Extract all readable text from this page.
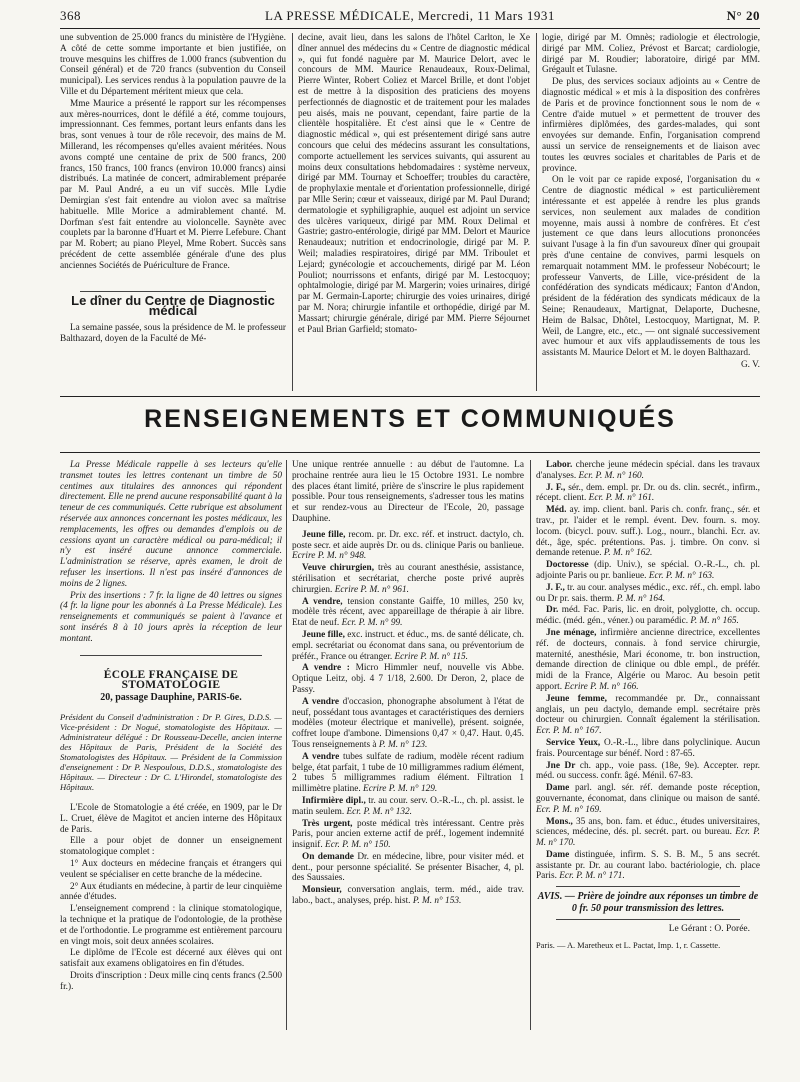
368	LA PRESSE MÉDICALE, Mercredi, 11 Mars 1931	N° 20

une subvention de 25.000 francs du ministère de l'Hygiène. A côté de cette somme importante et bien justifiée, on trouve mesquins les chiffres de 1.000 francs (subvention du Conseil général) et de 720 francs (subvention du Conseil municipal). Les services rendus à la population pauvre de la Ville et du Département méritent mieux que cela.

Mme Maurice a présenté le rapport sur les récompenses aux mères-nourrices, dont le défilé a été, comme toujours, impressionnant. Ces femmes, portant leurs enfants dans les bras, sont venues à tour de rôle recevoir, des mains de M. Millerand, les récompenses qu'elles avaient méritées. Nous avons compté une centaine de prix de 500 francs, 200 francs, 150 francs, 100 francs (environ 10.000 francs) ainsi distribués. La matinée de concert, admirablement préparée par M. Paul André, a eu un vif succès. Mlle Lydie Demirgian s'est fait entendre au violon avec sa maîtrise habituelle. Mlle Morice a admirablement chanté. M. Dorfman s'est fait entendre au violoncelle. Saynète avec couplets par la baronne d'Huart et M. Pierre Lefebure. Chant par M. Robert; au piano Pleyel, Mme Robert. Succès sans précédent de cette assemblée générale d'une des plus anciennes Sociétés de Puériculture de France.

Le dîner du Centre de Diagnostic médical

La semaine passée, sous la présidence de M. le professeur Balthazard, doyen de la Faculté de Mé-

decine, avait lieu, dans les salons de l'hôtel Carlton, le Xe dîner annuel des médecins du « Centre de diagnostic médical », qui fut fondé naguère par M. Maurice Delort, avec le concours de MM. Maurice Renaudeaux, Roux-Delimal, Pierre Winter, Robert Coliez et Marcel Brille, et dont l'objet est de mettre à la disposition des praticiens des moyens perfectionnés de diagnostic et de traitement pour les malades peu aisés, mais ne pouvant, cependant, faire partie de la clientèle hospitalière. Et c'est ainsi que le « Centre de diagnostic médical », qui est présentement dirigé sans autre concours que celui des médecins assurant les consultations, comporte actuellement les services suivants, qui assurent au moins deux consultations hebdomadaires : système nerveux, dirigé par MM. Tournay et Schoeffer; troubles du caractère, de prophylaxie mentale et d'orientation professionnelle, dirigé par Mlle Serin; cœur et vaisseaux, dirigé par M. Paul Durand; dermatologie et syphiligraphie, auquel est adjoint un service des ulcères variqueux, dirigé par MM. Roux Delimal et Gastrie; gastro-entérologie, dirigé par MM. Delort et Maurice Renaudeaux; nutrition et endocrinologie, dirigé par M. P. Weil; maladies respiratoires, dirigé par MM. Triboulet et Lejard; gynécologie et accouchements, dirigé par M. Léon Pouliot; nourrissons et enfants, dirigé par M. Lestocquoy; ophtalmologie, dirigé par M. Margerin; voies urinaires, dirigé par M. Germain-Laporte; chirurgie des voies urinaires, dirigé par M. Nora; chirurgie infantile et orthopédie, dirigé par M. Massart; chirurgie générale, dirigé par MM. Pierre Séjournet et Paul Brian Garfield; stomato-

logie, dirigé par M. Omnès; radiologie et électrologie, dirigé par MM. Coliez, Prévost et Barcat; cardiologie, dirigé par M. Roudier; laboratoire, dirigé par MM. Grégault et Tulasne.

De plus, des services sociaux adjoints au « Centre de diagnostic médical » et mis à la disposition des confrères de Paris et de province fonctionnent sous le nom de « Centre d'aide mutuel » et permettent de trouver des infirmières diplômées, des gardes-malades, qui sont envoyées sur demande. Enfin, l'organisation comprend aussi un service de renseignements et de liaison avec toutes les œuvres sociales et charitables de Paris et de province.

On le voit par ce rapide exposé, l'organisation du « Centre de diagnostic médical » est particulièrement intéressante et est appelée à rendre les plus grands services, non seulement aux malades de condition moyenne, mais aussi à nombre de confrères. Et c'est justement ce que dans leurs allocutions prononcées suivant l'usage à la fin d'un savoureux dîner qui groupait près d'une centaine de convives, parmi lesquels on remarquait notamment MM. le professeur Nobécourt; le professeur Vanverts, de Lille, vice-président de la confédération des syndicats médicaux; Fanton d'Andon, président de la fédération des syndicats médicaux de la Seine; Renaudeaux, Martignat, Delaporte, Duchesne, Heim de Balsac, Dhôtel, Lestocquoy, Martignat, M. P. Weil, de Langre, etc., etc., — ont signalé successivement avec humour et aux vifs applaudissements de tous les assistants M. Maurice Delort et M. le doyen Balthazard.

G. V.

RENSEIGNEMENTS ET COMMUNIQUÉS

La Presse Médicale rappelle à ses lecteurs qu'elle transmet toutes les lettres contenant un timbre de 50 centimes aux titulaires des annonces qui répondent directement. Elle ne prend aucune responsabilité quant à la teneur de ces communiqués. Cette rubrique est absolument réservée aux annonces concernant les postes médicaux, les remplacements, les offres ou demandes d'emplois ou de cessions ayant un caractère médical ou para-médical; il n'y est inséré aucune annonce commerciale. L'administration se réserve, après examen, le droit de refuser les insertions. Il n'est pas inséré d'annonces de moins de 2 lignes.

Prix des insertions : 7 fr. la ligne de 40 lettres ou signes (4 fr. la ligne pour les abonnés à La Presse Médicale). Les renseignements et communiqués se paient à l'avance et sont insérés 8 à 10 jours après la réception de leur montant.

ÉCOLE FRANÇAISE DE STOMATOLOGIE
20, passage Dauphine, PARIS-6e.

Président du Conseil d'administration : Dr P. Gires, D.D.S. — Vice-président : Dr Nogué, stomatologiste des Hôpitaux. — Administrateur délégué : Dr Rousseau-Decelle, ancien interne des Hôpitaux de Paris, Président de la Société des Stomatologistes des Hôpitaux. — Président de la Commission d'enseignement : Dr P. Nespoulous, D.D.S., stomatologiste des Hôpitaux. — Directeur : Dr C. L'Hirondel, stomatologiste des Hôpitaux.

L'Ecole de Stomatologie a été créée, en 1909, par le Dr L. Cruet, élève de Magitot et ancien interne des Hôpitaux de Paris.

Elle a pour objet de donner un enseignement stomatologique complet :

1° Aux docteurs en médecine français et étrangers qui veulent se spécialiser en cette branche de la médecine.

2° Aux étudiants en médecine, à partir de leur cinquième année d'études.

L'enseignement comprend : la clinique stomatologique, la technique et la pratique de l'odontologie, de la prothèse et de l'orthodontie. Le programme est entièrement parcouru en vingt mois, soit deux années scolaires.

Le diplôme de l'Ecole est décerné aux élèves qui ont satisfait aux examens obligatoires en fin d'études.

Droits d'inscription : Deux mille cinq cents francs (2.500 fr.).

Une unique rentrée annuelle : au début de l'automne. La prochaine rentrée aura lieu le 15 Octobre 1931. Le nombre des places étant limité, prière de s'inscrire le plus rapidement possible. Pour tous renseignements, s'adresser tous les matins et sur rendez-vous au Directeur de l'Ecole, 20, passage Dauphine.

Jeune fille, recom. pr. Dr. exc. réf. et instruct. dactylo, ch. poste secr. et aide auprès Dr. ou ds. clinique Paris ou banlieue. Ecrire P. M. n° 948.

Veuve chirurgien, très au courant anesthésie, assistance, stérilisation et secrétariat, cherche poste privé auprès chirurgien. Ecrire P. M. n° 961.

A vendre, tension constante Gaiffe, 10 milles, 250 kv, modèle très récent, avec appareillage de thérapie à air libre. Etat de neuf. Ecr. P. M. n° 99.

Jeune fille, exc. instruct. et éduc., ms. de santé délicate, ch. empl. secrétariat ou économat dans sana, ou préventorium de préfér., France ou étranger. Ecrire P. M. n° 115.

A vendre : Micro Himmler neuf, nouvelle vis Abbe. Optique Leitz, obj. 4 7 1/18, 2.600. Dr Deron, 2, place de Passy.

A vendre d'occasion, phonographe absolument à l'état de neuf, possédant tous avantages et caractéristiques des derniers modèles (moteur électrique et manivelle), présent. soignée, coffret loupe d'ambone. Dimensions 0,47 × 0,47. Haut. 0,45. Tous renseignements à P. M. n° 123.

A vendre tubes sulfate de radium, modèle récent radium belge, état parfait, 1 tube de 10 milligrammes radium élément, 2 tubes 5 milligrammes radium élément. Filtration 1 millimètre platine. Ecrire P. M. n° 129.

Infirmière dipl., tr. au cour. serv. O.-R.-L., ch. pl. assist. le matin seulem. Ecr. P. M. n° 132.

Très urgent, poste médical très intéressant. Centre près Paris, pour ancien externe actif de préf., logement indemnité insignif. Ecr. P. M. n° 150.

On demande Dr. en médecine, libre, pour visiter méd. et dent., pour personne spécialité. Se présenter Bisacher, 4, pl. des Saussaies.

Monsieur, conversation anglais, term. méd., aide trav. labo., bact., analyses, prép. hist. P. M. n° 153.

Labor. cherche jeune médecin spécial. dans les travaux d'analyses. Ecr. P. M. n° 160.

J. F., sér., dem. empl. pr. Dr. ou ds. clin. secrét., infirm., récept. client. Ecr. P. M. n° 161.

Méd. ay. imp. client. banl. Paris ch. confr. franç., sér. et trav., pr. l'aider et le rempl. évent. Dev. fourn. s. moy. locom. (bicycl. pouv. suff.). Log., nourr., blanchi. Ecr. av. dét., âge, spéc. prétentions. Pas. j. timbre. On conv. si demande retenue. P. M. n° 162.

Doctoresse (dip. Univ.), se spécial. O.-R.-L., ch. pl. adjointe Paris ou pr. banlieue. Ecr. P. M. n° 163.

J. F., tr. au cour. analyses médic., exc. réf., ch. empl. labo ou Dr pr. sais. therm. P. M. n° 164.

Dr. méd. Fac. Paris, lic. en droit, polyglotte, ch. occup. médic. (méd. gén., véner.) ou paramédic. P. M. n° 165.

Jne ménage, infirmière ancienne directrice, excellentes réf. de docteurs, connais. à fond service chirurgie, maternité, anesthésie, Mari économe, tr. bon instruction, demande direction de clinique ou dble empl., de préfér. midi de la France, Algérie ou Maroc. Au besoin petit apport. Ecrire P. M. n° 166.

Jeune femme, recommandée pr. Dr., connaissant anglais, un peu dactylo, demande empl. secrétaire près docteur ou chirurgien. Connaît également la stérilisation. Ecr. P. M. n° 167.

Service Yeux, O.-R.-L., libre dans polyclinique. Aucun frais. Pourcentage sur bénéf. Nord : 87-65.

Jne Dr ch. app., voie pass. (18e, 9e). Accepter. repr. méd. ou success. confr. âgé. Ménil. 67-83.

Dame parl. angl. sér. réf. demande poste réception, gouvernante, économat, dans clinique ou maison de santé. Ecr. P. M. n° 169.

Mons., 35 ans, bon. fam. et éduc., études universitaires, sciences, médecine, dés. pl. secrét. part. ou bureau. Ecr. P. M. n° 170.

Dame distinguée, infirm. S. S. B. M., 5 ans secrét. assistante pr. Dr. au courant labo. bactériologie, ch. place Paris. Ecr. P. M. n° 171.

AVIS. — Prière de joindre aux réponses un timbre de 0 fr. 50 pour transmission des lettres.
Le Gérant : O. Porée.
Paris. — A. Maretheux et L. Pactat, Imp. 1, r. Cassette.
